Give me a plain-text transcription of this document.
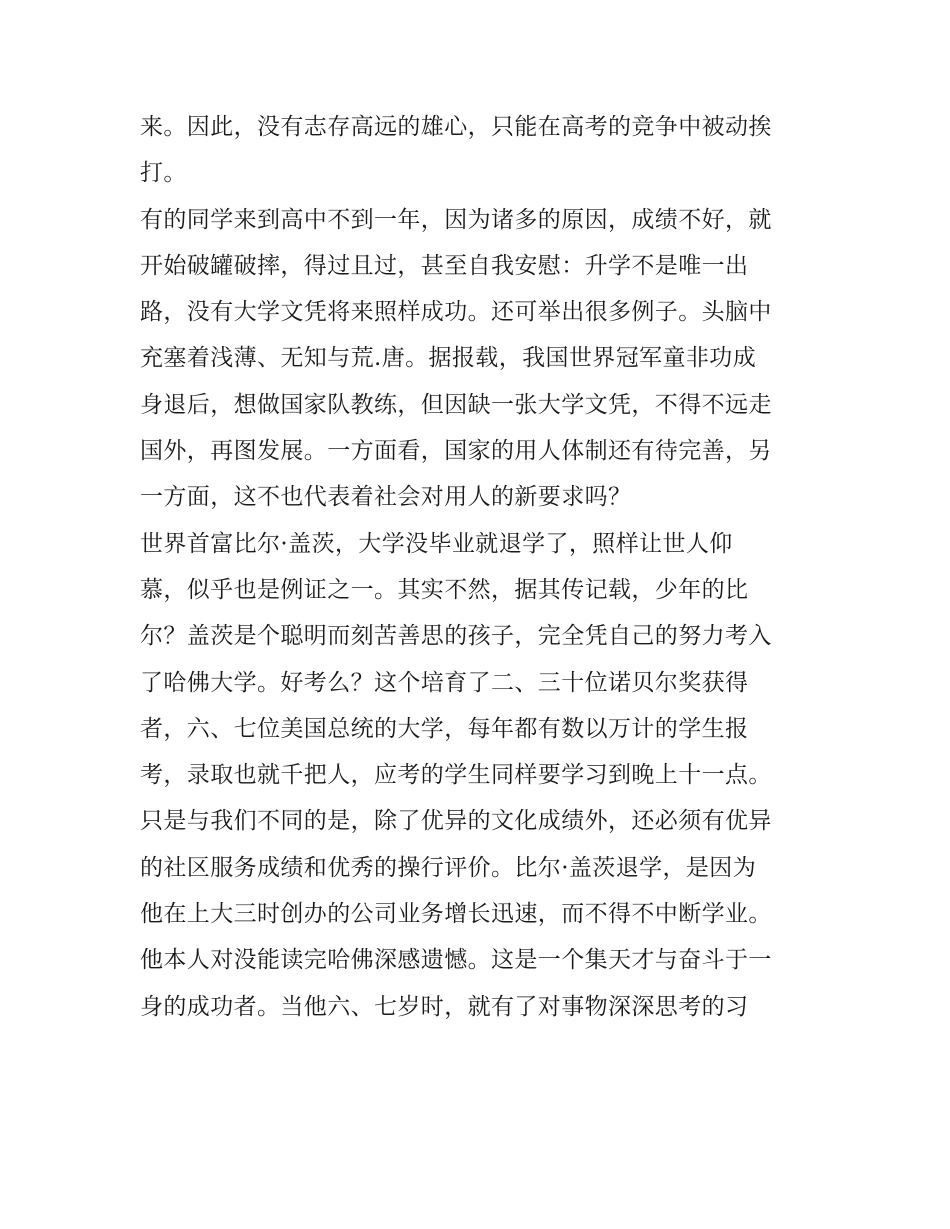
来。因此，没有志存高远的雄心，只能在高考的竞争中被动挨
打。
有的同学来到高中不到一年，因为诸多的原因，成绩不好，就
开始破罐破摔，得过且过，甚至自我安慰：升学不是唯一出
路，没有大学文凭将来照样成功。还可举出很多例子。头脑中
充塞着浅薄、无知与荒.唐。据报载，我国世界冠军童非功成
身退后，想做国家队教练，但因缺一张大学文凭，不得不远走
国外，再图发展。一方面看，国家的用人体制还有待完善，另
一方面，这不也代表着社会对用人的新要求吗？
世界首富比尔·盖茨，大学没毕业就退学了，照样让世人仰
慕，似乎也是例证之一。其实不然，据其传记载，少年的比
尔？盖茨是个聪明而刻苦善思的孩子，完全凭自己的努力考入
了哈佛大学。好考么？这个培育了二、三十位诺贝尔奖获得
者，六、七位美国总统的大学，每年都有数以万计的学生报
考，录取也就千把人，应考的学生同样要学习到晚上十一点。
只是与我们不同的是，除了优异的文化成绩外，还必须有优异
的社区服务成绩和优秀的操行评价。比尔·盖茨退学，是因为
他在上大三时创办的公司业务增长迅速，而不得不中断学业。
他本人对没能读完哈佛深感遗憾。这是一个集天才与奋斗于一
身的成功者。当他六、七岁时，就有了对事物深深思考的习
